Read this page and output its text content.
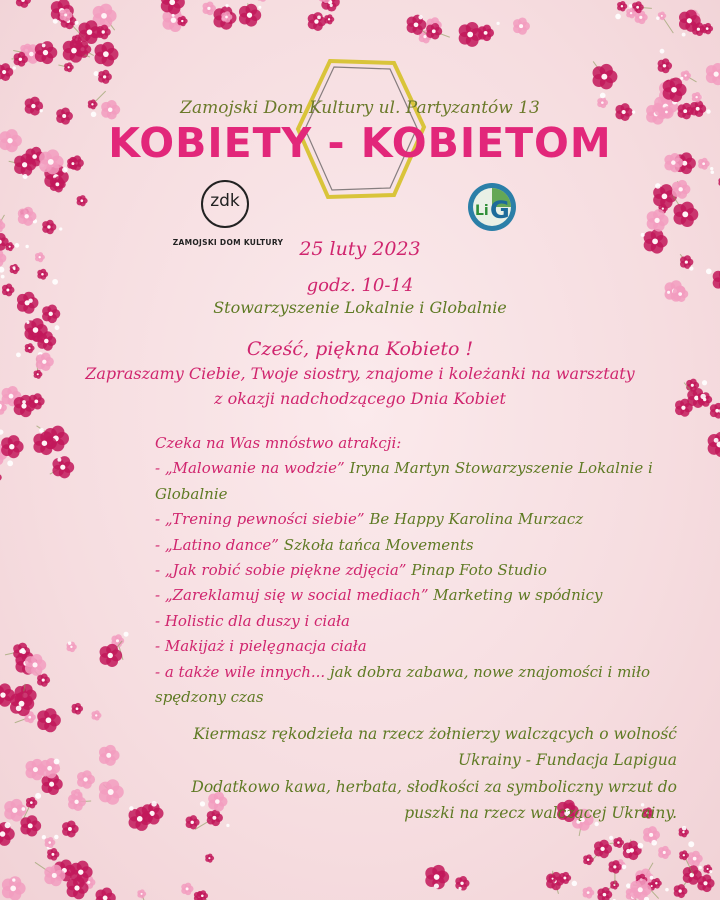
Zamojski Dom Kultury ul. Partyzantów 13
KOBIETY - KOBIETOM
zdk
ZAMOJSKI DOM KULTURY
Li G
25 luty 2023
godz. 10-14
Stowarzyszenie Lokalnie i Globalnie
Cześć, piękna Kobieto !
Zapraszamy Ciebie, Twoje siostry, znajome i koleżanki na warsztaty
z okazji nadchodzącego Dnia Kobiet
Czeka na Was mnóstwo atrakcji:
- „Malowanie na wodzie” Iryna Martyn Stowarzyszenie Lokalnie i
Globalnie
- „Trening pewności siebie” Be Happy Karolina Murzacz
- „Latino dance” Szkoła tańca Movements
- „Jak robić sobie piękne zdjęcia” Pinap Foto Studio
- „Zareklamuj się w social mediach” Marketing w spódnicy
- Holistic dla duszy i ciała
- Makijaż i pielęgnacja ciała
- a także wile innych... jak dobra zabawa, nowe znajomości i miło
spędzony czas
Kiermasz rękodzieła na rzecz żołnierzy walczących o wolność
Ukrainy - Fundacja Lapigua
Dodatkowo kawa, herbata, słodkości za symboliczny wrzut do
puszki na rzecz walczącej Ukrainy.
